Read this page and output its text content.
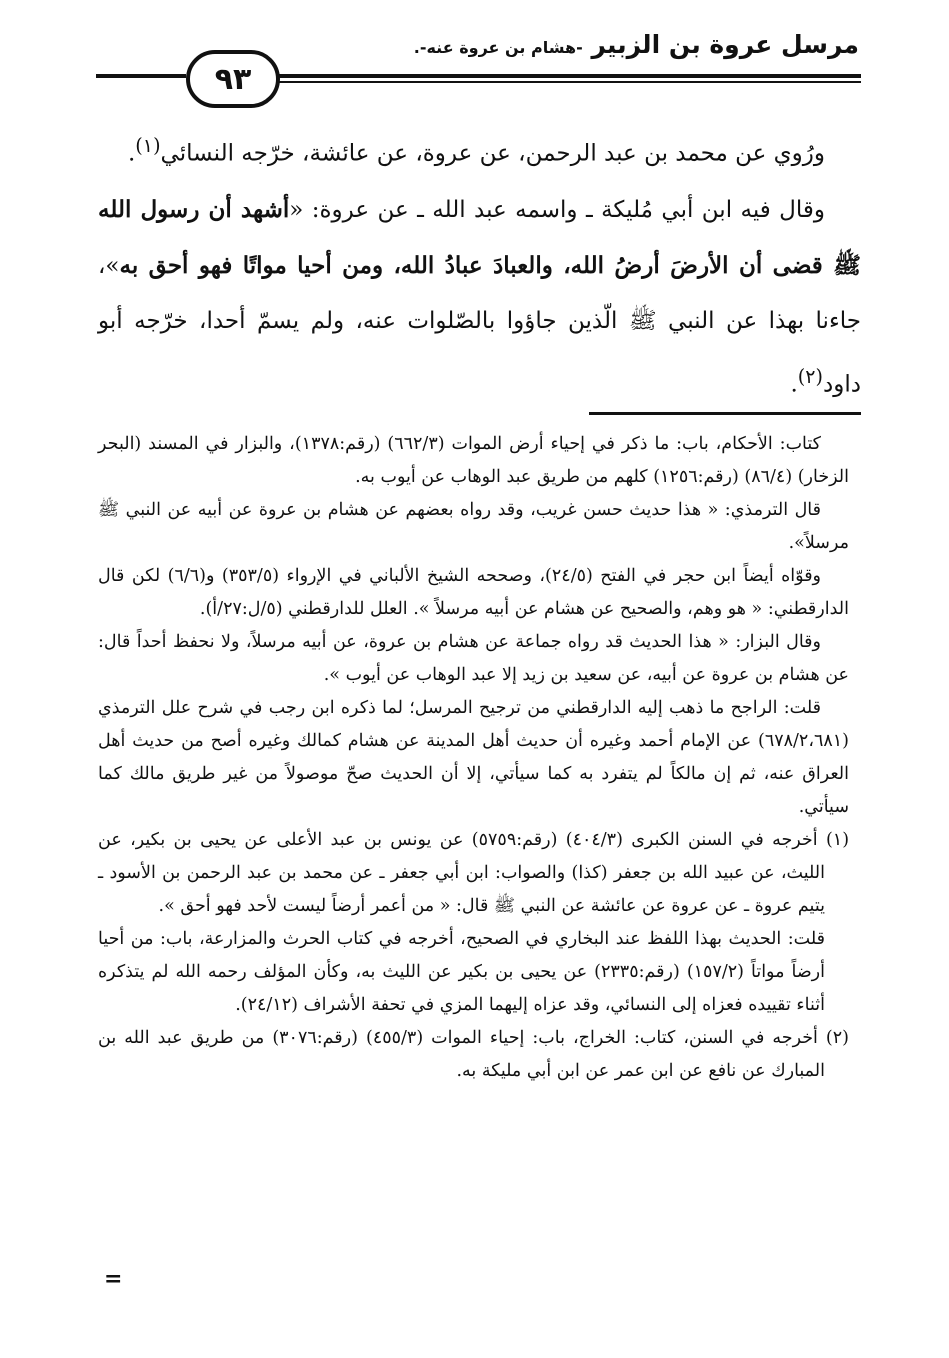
مرسل عروة بن الزبير -هشام بن عروة عنه-.
٩٣

ورُوي عن محمد بن عبد الرحمن، عن عروة، عن عائشة، خرّجه النسائي$^{(١)}$.

وقال فيه ابن أبي مُليكة ـ واسمه عبد الله ـ عن عروة: «أشهد أن رسول الله ﷺ قضى أن الأرضَ أرضُ الله، والعبادَ عبادُ الله، ومن أحيا مواتًا فهو أحق به»، جاءنا بهذا عن النبي ﷺ الّذين جاؤوا بالصّلوات عنه، ولم يسمّ أحدا، خرّجه أبو داود$^{(٢)}$.

كتاب: الأحكام، باب: ما ذكر في إحياء أرض الموات (٦٦٢/٣) (رقم:١٣٧٨)، والبزار في المسند (البحر الزخار) (٨٦/٤) (رقم:١٢٥٦) كلهم من طريق عبد الوهاب عن أيوب به.

قال الترمذي: « هذا حديث حسن غريب، وقد رواه بعضهم عن هشام بن عروة عن أبيه عن النبي ﷺ مرسلاً».

وقوّاه أيضاً ابن حجر في الفتح (٢٤/٥)، وصححه الشيخ الألباني في الإرواء (٣٥٣/٥) و(٦/٦) لكن قال الدارقطني: « هو وهم، والصحيح عن هشام عن أبيه مرسلاً ». العلل للدارقطني (٥/ل:٢٧/أ).

وقال البزار: « هذا الحديث قد رواه جماعة عن هشام بن عروة، عن أبيه مرسلاً، ولا نحفظ أحداً قال: عن هشام بن عروة عن أبيه، عن سعيد بن زيد إلا عبد الوهاب عن أيوب ».

قلت: الراجح ما ذهب إليه الدارقطني من ترجيح المرسل؛ لما ذكره ابن رجب في شرح علل الترمذي (٦٧٨/٢،٦٨١) عن الإمام أحمد وغيره أن حديث أهل المدينة عن هشام كمالك وغيره أصح من حديث أهل العراق عنه، ثم إن مالكاً لم يتفرد به كما سيأتي، إلا أن الحديث صحّ موصولاً من غير طريق مالك كما سيأتي.

(١) أخرجه في السنن الكبرى (٤٠٤/٣) (رقم:٥٧٥٩) عن يونس بن عبد الأعلى عن يحيى بن بكير، عن الليث، عن عبيد الله بن جعفر (كذا) والصواب: ابن أبي جعفر ـ عن محمد بن عبد الرحمن بن الأسود ـ يتيم عروة ـ عن عروة عن عائشة عن النبي ﷺ قال: « من أعمر أرضاً ليست لأحد فهو أحق ».

قلت: الحديث بهذا اللفظ عند البخاري في الصحيح، أخرجه في كتاب الحرث والمزارعة، باب: من أحيا أرضاً مواتاً (١٥٧/٢) (رقم:٢٣٣٥) عن يحيى بن بكير عن الليث به، وكأن المؤلف رحمه الله لم يتذكره أثناء تقييده فعزاه إلى النسائي، وقد عزاه إليهما المزي في تحفة الأشراف (٢٤/١٢).

(٢) أخرجه في السنن، كتاب: الخراج، باب: إحياء الموات (٤٥٥/٣) (رقم:٣٠٧٦) من طريق عبد الله بن المبارك عن نافع عن ابن عمر عن ابن أبي مليكة به.

=
